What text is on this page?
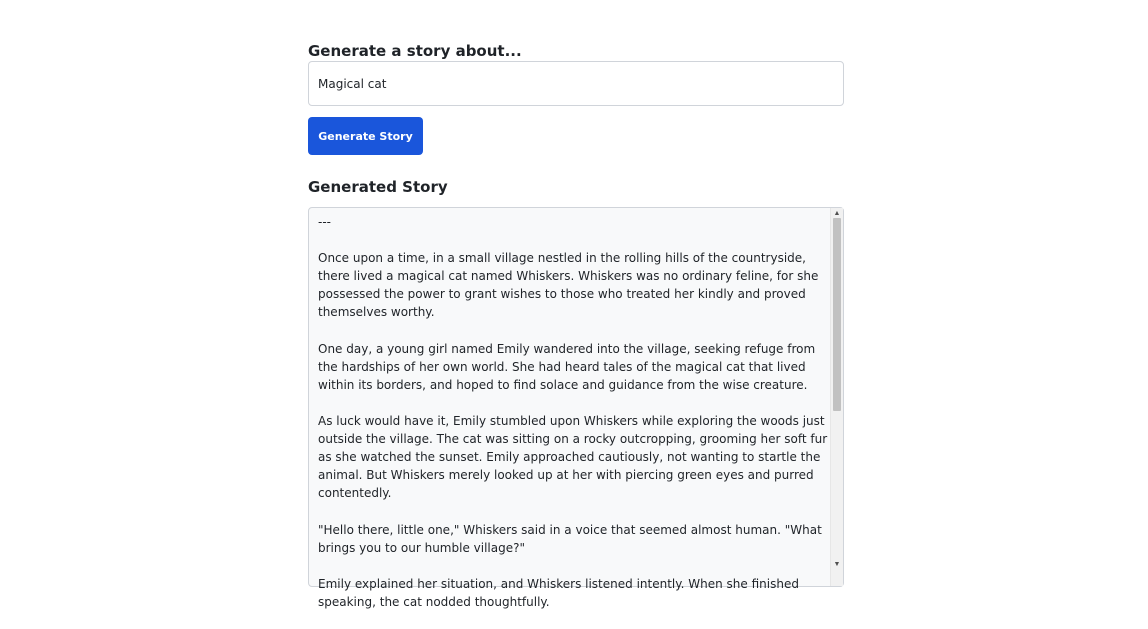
Generate a story about...
Magical cat
Generate Story
Generated Story

---

Once upon a time, in a small village nestled in the rolling hills of the countryside, there lived a magical cat named Whiskers. Whiskers was no ordinary feline, for she possessed the power to grant wishes to those who treated her kindly and proved themselves worthy.

One day, a young girl named Emily wandered into the village, seeking refuge from the hardships of her own world. She had heard tales of the magical cat that lived within its borders, and hoped to find solace and guidance from the wise creature.

As luck would have it, Emily stumbled upon Whiskers while exploring the woods just outside the village. The cat was sitting on a rocky outcropping, grooming her soft fur as she watched the sunset. Emily approached cautiously, not wanting to startle the animal. But Whiskers merely looked up at her with piercing green eyes and purred contentedly.

"Hello there, little one," Whiskers said in a voice that seemed almost human. "What brings you to our humble village?"

Emily explained her situation, and Whiskers listened intently. When she finished speaking, the cat nodded thoughtfully.

▲
▼
